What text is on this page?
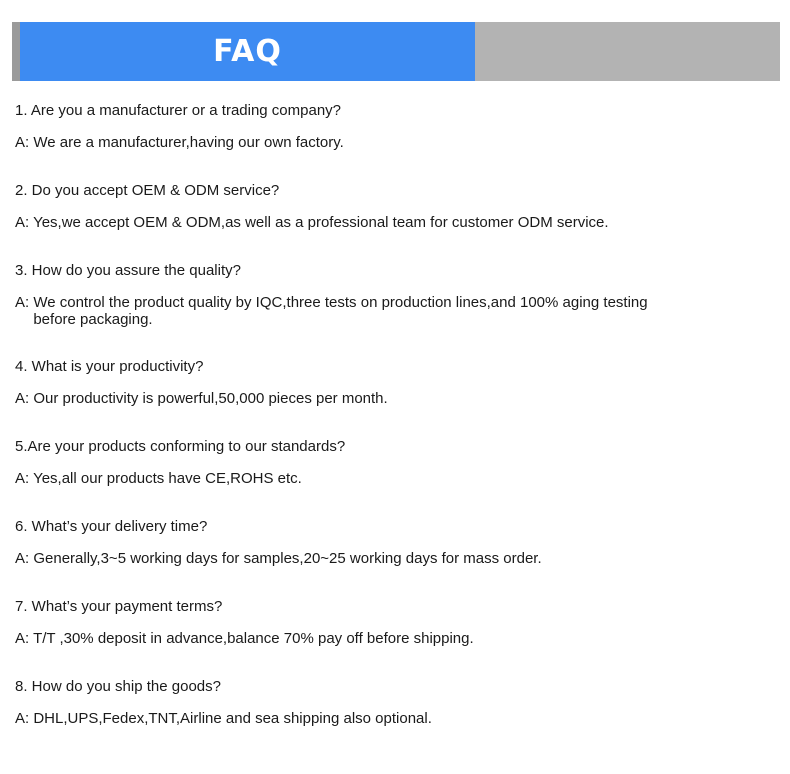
FAQ
1. Are you a manufacturer or a trading company?
A: We are a manufacturer,having our own factory.
2. Do you accept OEM & ODM service?
A: Yes,we accept OEM & ODM,as well as a professional team for customer ODM service.
3. How do you assure the quality?
A: We control the product quality by IQC,three tests on production lines,and 100% aging testing before packaging.
4. What is your productivity?
A: Our productivity is powerful,50,000 pieces per month.
5.Are your products conforming to our standards?
A: Yes,all our products have CE,ROHS etc.
6. What’s your delivery time?
A: Generally,3~5 working days for samples,20~25 working days for mass order.
7. What’s your payment terms?
A: T/T ,30% deposit in advance,balance 70% pay off before shipping.
8. How do you ship the goods?
A: DHL,UPS,Fedex,TNT,Airline and sea shipping also optional.
